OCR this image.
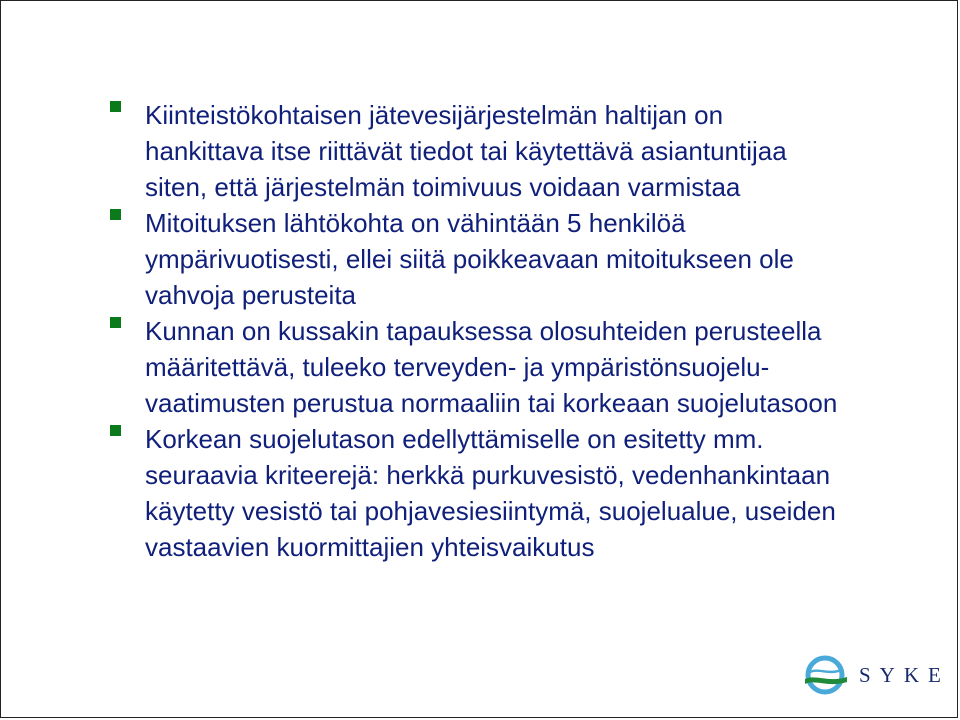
Kiinteistökohtaisen jätevesijärjestelmän haltijan on
hankittava itse riittävät tiedot tai käytettävä asiantuntijaa
siten, että järjestelmän toimivuus voidaan varmistaa
Mitoituksen lähtökohta on vähintään 5 henkilöä
ympärivuotisesti, ellei siitä poikkeavaan mitoitukseen ole
vahvoja perusteita
Kunnan on kussakin tapauksessa olosuhteiden perusteella
määritettävä, tuleeko terveyden- ja ympäristönsuojelu-
vaatimusten perustua normaaliin tai korkeaan suojelutasoon
Korkean suojelutason edellyttämiselle on esitetty mm.
seuraavia kriteerejä: herkkä purkuvesistö, vedenhankintaan
käytetty vesistö tai pohjavesiesiintymä, suojelualue, useiden
vastaavien kuormittajien yhteisvaikutus
SYKE
